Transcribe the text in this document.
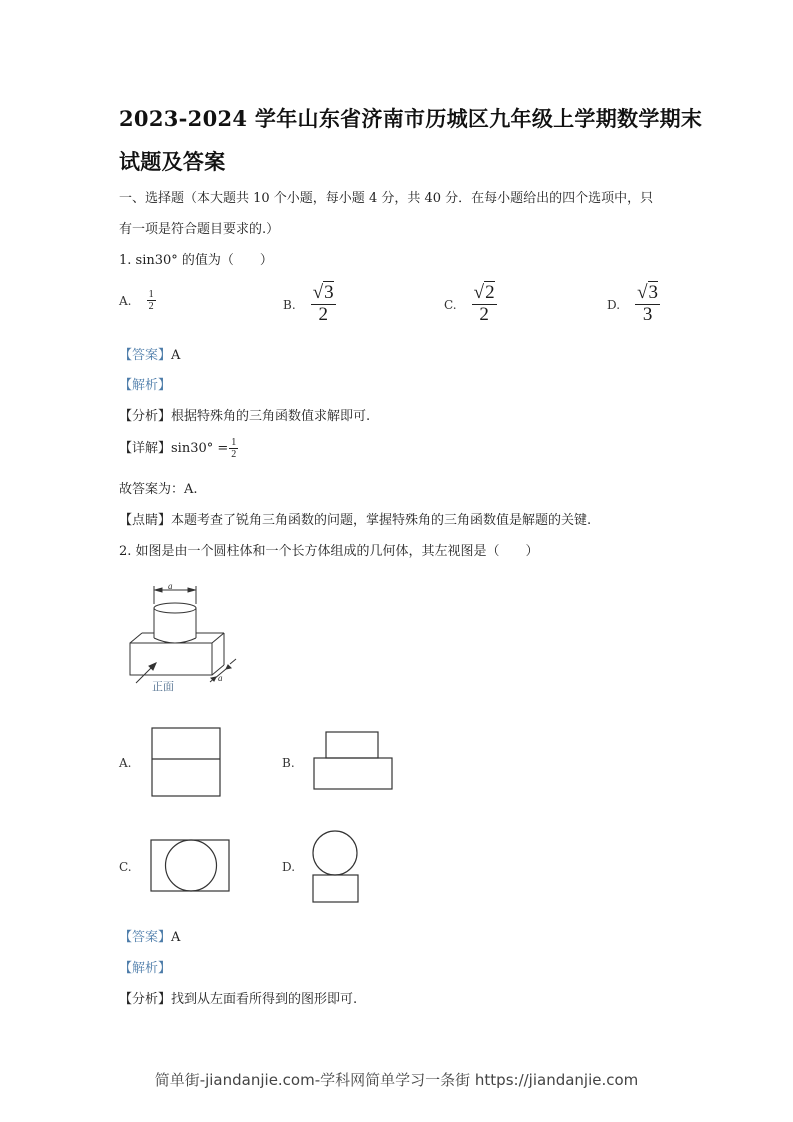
2023-2024 学年山东省济南市历城区九年级上学期数学期末
试题及答案
一、选择题（本大题共 10 个小题，每小题 4 分，共 40 分．在每小题给出的四个选项中，只
有一项是符合题目要求的.）
1. sin30° 的值为（　　）
A. $\frac{1}{2}$	B. $\frac{√3}{2}$	C. $\frac{√2}{2}$	D. $\frac{√3}{3}$
【答案】A
【解析】
【分析】根据特殊角的三角函数值求解即可.
【详解】$\sin 30^\circ = \frac{1}{2}$
故答案为：A.
【点睛】本题考查了锐角三角函数的问题，掌握特殊角的三角函数值是解题的关键.
2. 如图是由一个圆柱体和一个长方体组成的几何体，其左视图是（　　）
a
a
正面
A.	B.
C.	D.
【答案】A
【解析】
【分析】找到从左面看所得到的图形即可.
简单街-jiandanjie.com-学科网简单学习一条街 https://jiandanjie.com
